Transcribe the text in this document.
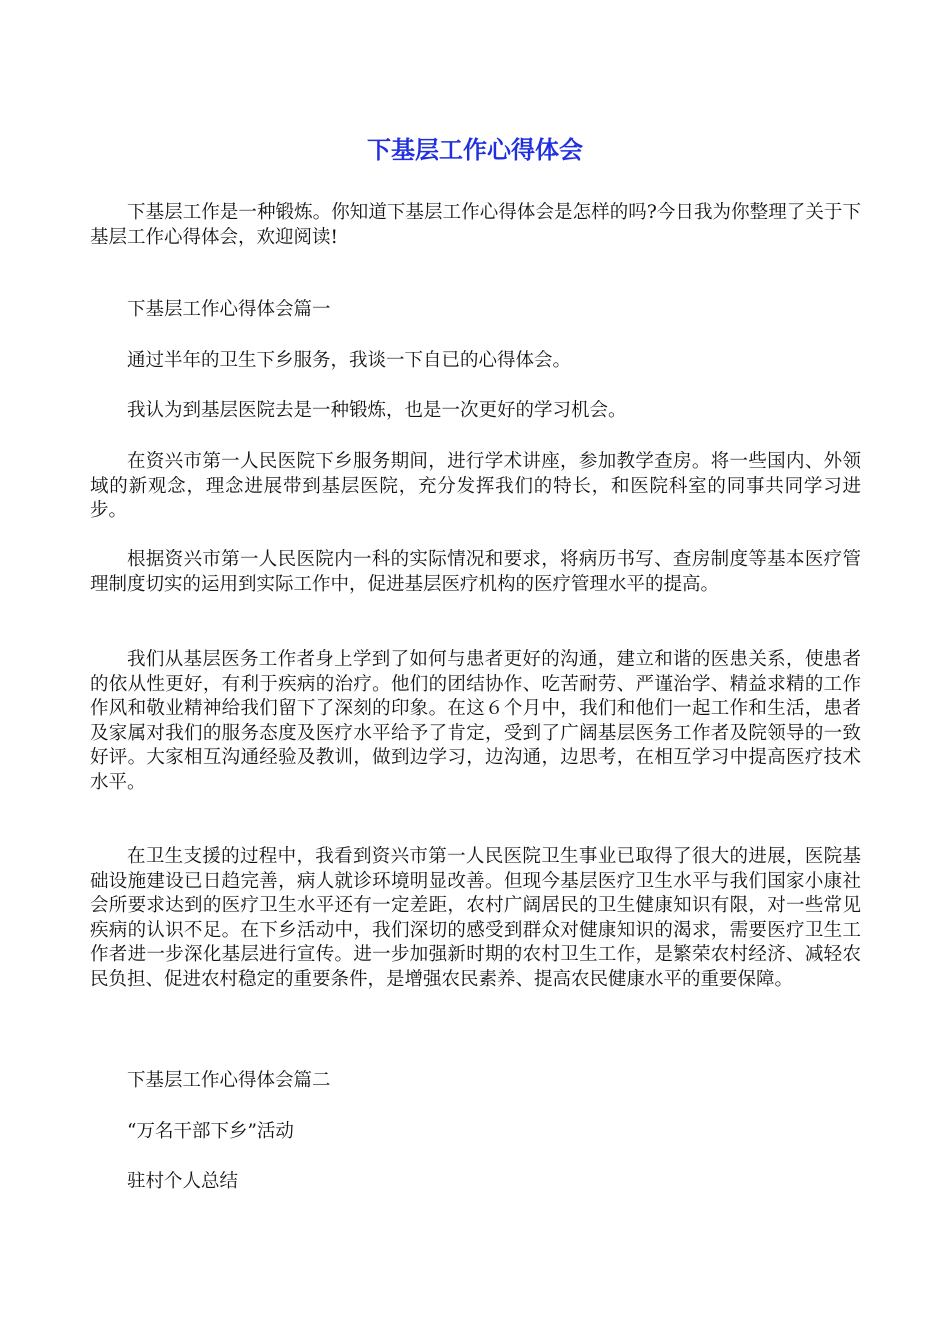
下基层工作心得体会

下基层工作是一种锻炼。你知道下基层工作心得体会是怎样的吗?今日我为你整理了关于下基层工作心得体会，欢迎阅读!

下基层工作心得体会篇一

通过半年的卫生下乡服务，我谈一下自已的心得体会。

我认为到基层医院去是一种锻炼，也是一次更好的学习机会。

在资兴市第一人民医院下乡服务期间，进行学术讲座，参加教学查房。将一些国内、外领域的新观念，理念进展带到基层医院，充分发挥我们的特长，和医院科室的同事共同学习进步。

根据资兴市第一人民医院内一科的实际情况和要求，将病历书写、查房制度等基本医疗管理制度切实的运用到实际工作中，促进基层医疗机构的医疗管理水平的提高。

我们从基层医务工作者身上学到了如何与患者更好的沟通，建立和谐的医患关系，使患者的依从性更好，有利于疾病的治疗。他们的团结协作、吃苦耐劳、严谨治学、精益求精的工作作风和敬业精神给我们留下了深刻的印象。在这６个月中，我们和他们一起工作和生活，患者及家属对我们的服务态度及医疗水平给予了肯定，受到了广阔基层医务工作者及院领导的一致好评。大家相互沟通经验及教训，做到边学习，边沟通，边思考，在相互学习中提高医疗技术水平。

在卫生支援的过程中，我看到资兴市第一人民医院卫生事业已取得了很大的进展，医院基础设施建设已日趋完善，病人就诊环境明显改善。但现今基层医疗卫生水平与我们国家小康社会所要求达到的医疗卫生水平还有一定差距，农村广阔居民的卫生健康知识有限，对一些常见疾病的认识不足。在下乡活动中，我们深切的感受到群众对健康知识的渴求，需要医疗卫生工作者进一步深化基层进行宣传。进一步加强新时期的农村卫生工作，是繁荣农村经济、减轻农民负担、促进农村稳定的重要条件，是增强农民素养、提高农民健康水平的重要保障。

下基层工作心得体会篇二

“万名干部下乡”活动

驻村个人总结
